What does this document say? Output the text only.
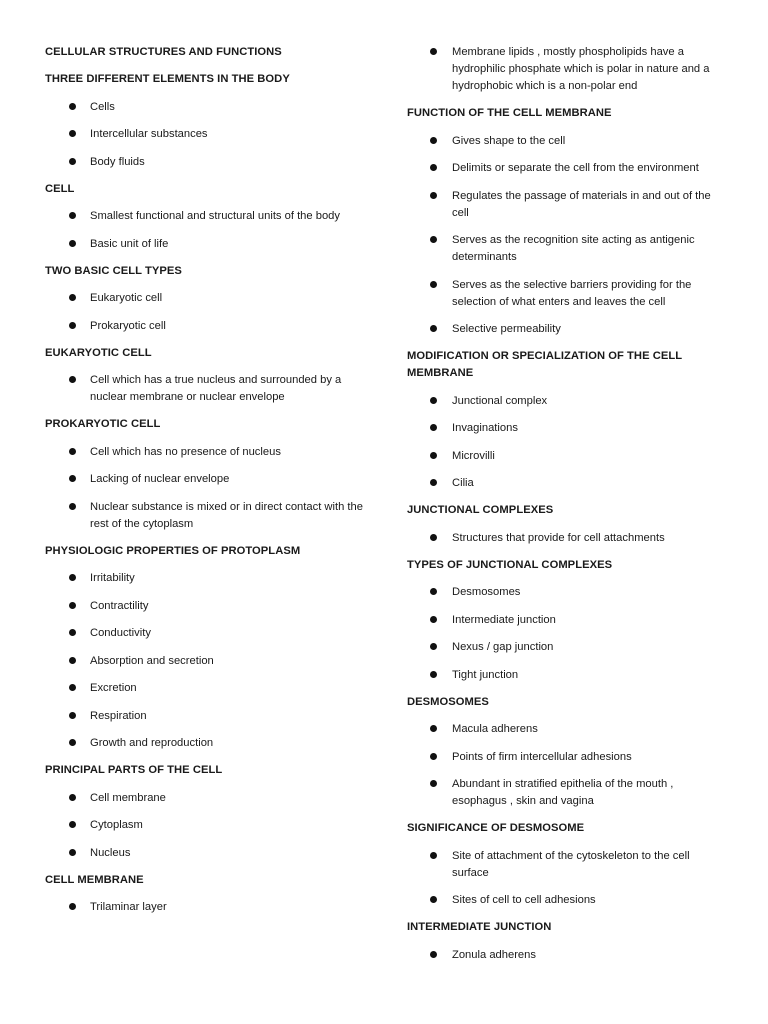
CELLULAR STRUCTURES AND FUNCTIONS
THREE DIFFERENT ELEMENTS IN THE BODY
Cells
Intercellular substances
Body fluids
CELL
Smallest functional and structural units of the body
Basic unit of life
TWO BASIC CELL TYPES
Eukaryotic cell
Prokaryotic cell
EUKARYOTIC CELL
Cell which has a true nucleus and surrounded by a nuclear membrane or nuclear envelope
PROKARYOTIC CELL
Cell which has no presence of nucleus
Lacking of nuclear envelope
Nuclear substance is mixed or in direct contact with the rest of the cytoplasm
PHYSIOLOGIC PROPERTIES OF PROTOPLASM
Irritability
Contractility
Conductivity
Absorption and secretion
Excretion
Respiration
Growth and reproduction
PRINCIPAL PARTS OF THE CELL
Cell membrane
Cytoplasm
Nucleus
CELL MEMBRANE
Trilaminar layer
Membrane lipids , mostly phospholipids have a hydrophilic phosphate which is polar in nature and a hydrophobic which is a non-polar end
FUNCTION OF THE CELL MEMBRANE
Gives shape to the cell
Delimits or separate the cell from the environment
Regulates the passage of materials in and out of the cell
Serves as the recognition site acting as antigenic determinants
Serves as the selective barriers providing for the selection of what enters and leaves the cell
Selective permeability
MODIFICATION OR SPECIALIZATION OF THE CELL MEMBRANE
Junctional complex
Invaginations
Microvilli
Cilia
JUNCTIONAL COMPLEXES
Structures that provide for cell attachments
TYPES OF JUNCTIONAL COMPLEXES
Desmosomes
Intermediate junction
Nexus / gap junction
Tight junction
DESMOSOMES
Macula adherens
Points of firm intercellular adhesions
Abundant in stratified epithelia of the mouth , esophagus , skin and vagina
SIGNIFICANCE OF DESMOSOME
Site of attachment of the cytoskeleton to the cell surface
Sites of cell to cell adhesions
INTERMEDIATE JUNCTION
Zonula adherens
